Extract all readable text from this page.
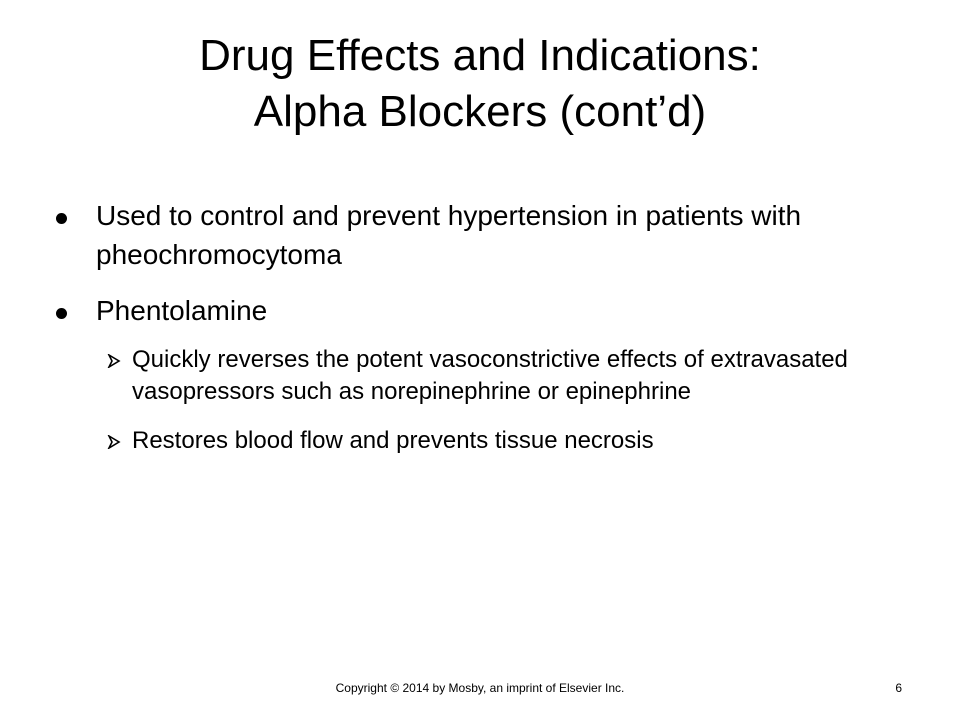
Drug Effects and Indications:
Alpha Blockers (cont’d)
Used to control and prevent hypertension in patients with pheochromocytoma
Phentolamine
Quickly reverses the potent vasoconstrictive effects of extravasated vasopressors such as norepinephrine or epinephrine
Restores blood flow and prevents tissue necrosis
Copyright © 2014 by Mosby, an imprint of Elsevier Inc.	6
